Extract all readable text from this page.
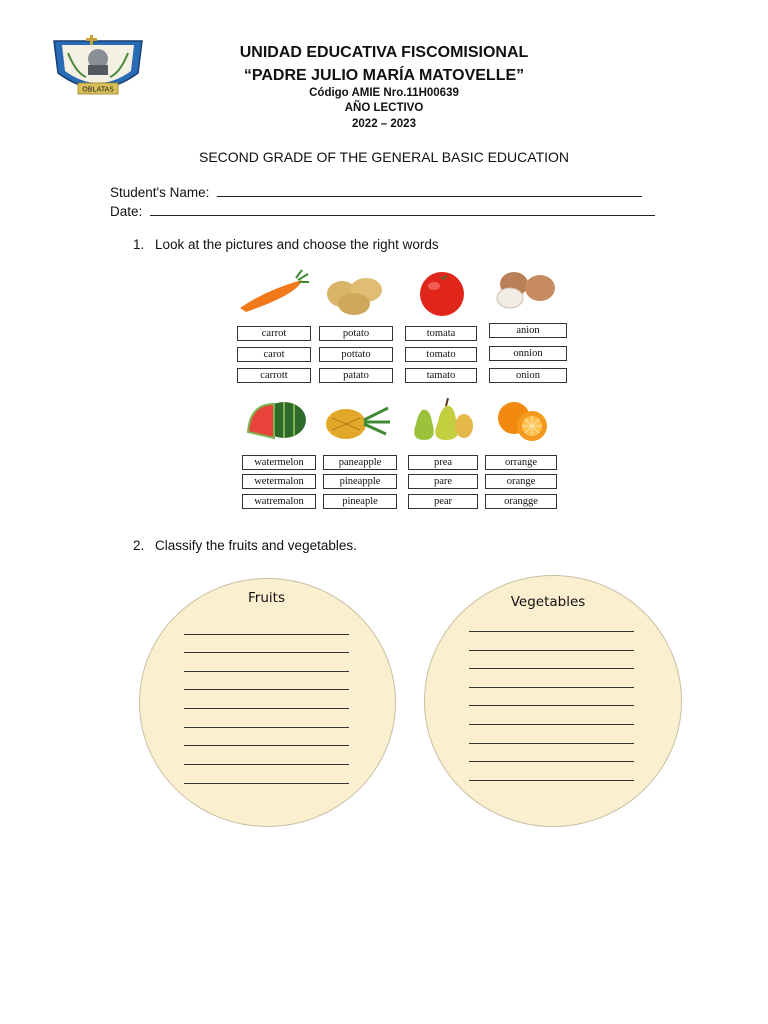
OBLATAS
UNIDAD EDUCATIVA FISCOMISIONAL
“PADRE JULIO MARÍA MATOVELLE”
Código AMIE Nro.11H00639
AÑO LECTIVO
2022 – 2023
SECOND GRADE OF THE GENERAL BASIC EDUCATION
Student's Name:
Date:
1. Look at the pictures and choose the right words
carrot
carot
carrott
potato
pottato
patato
tomata
tomato
tamato
anion
onnion
onion
watermelon
wetermalon
watremalon
paneapple
pineapple
pineaple
prea
pare
pear
orrange
orange
orangge
2. Classify the fruits and vegetables.
Fruits	Vegetables
